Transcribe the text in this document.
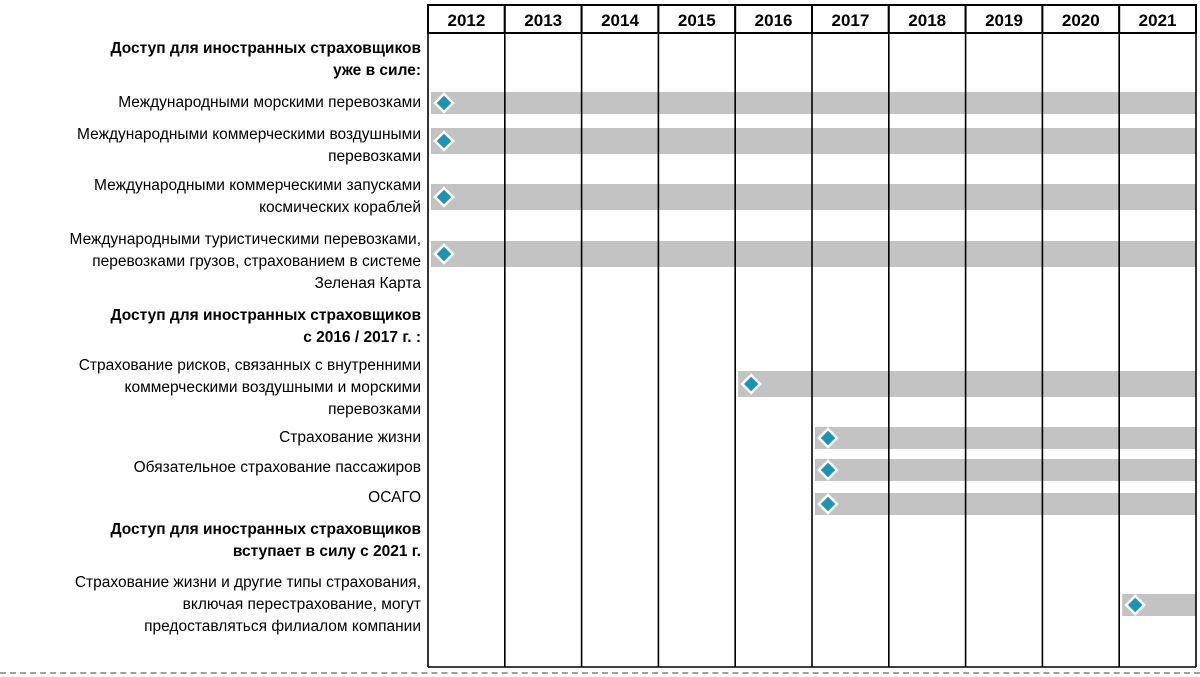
2012 2013 2014 2015 2016 2017 2018 2019 2020 2021
Доступ для иностранных страховщиков
уже в силе:
Международными морскими перевозками
Международными коммерческими воздушными
перевозками
Международными коммерческими запусками
космических кораблей
Международными туристическими перевозками,
перевозками грузов, страхованием в системе
Зеленая Карта
Доступ для иностранных страховщиков
с 2016 / 2017 г. :
Страхование рисков, связанных с внутренними
коммерческими воздушными и морскими
перевозками
Страхование жизни
Обязательное страхование пассажиров
ОСАГО
Доступ для иностранных страховщиков
вступает в силу с 2021 г.
Страхование жизни и другие типы страхования,
включая перестрахование, могут
предоставляться филиалом компании
